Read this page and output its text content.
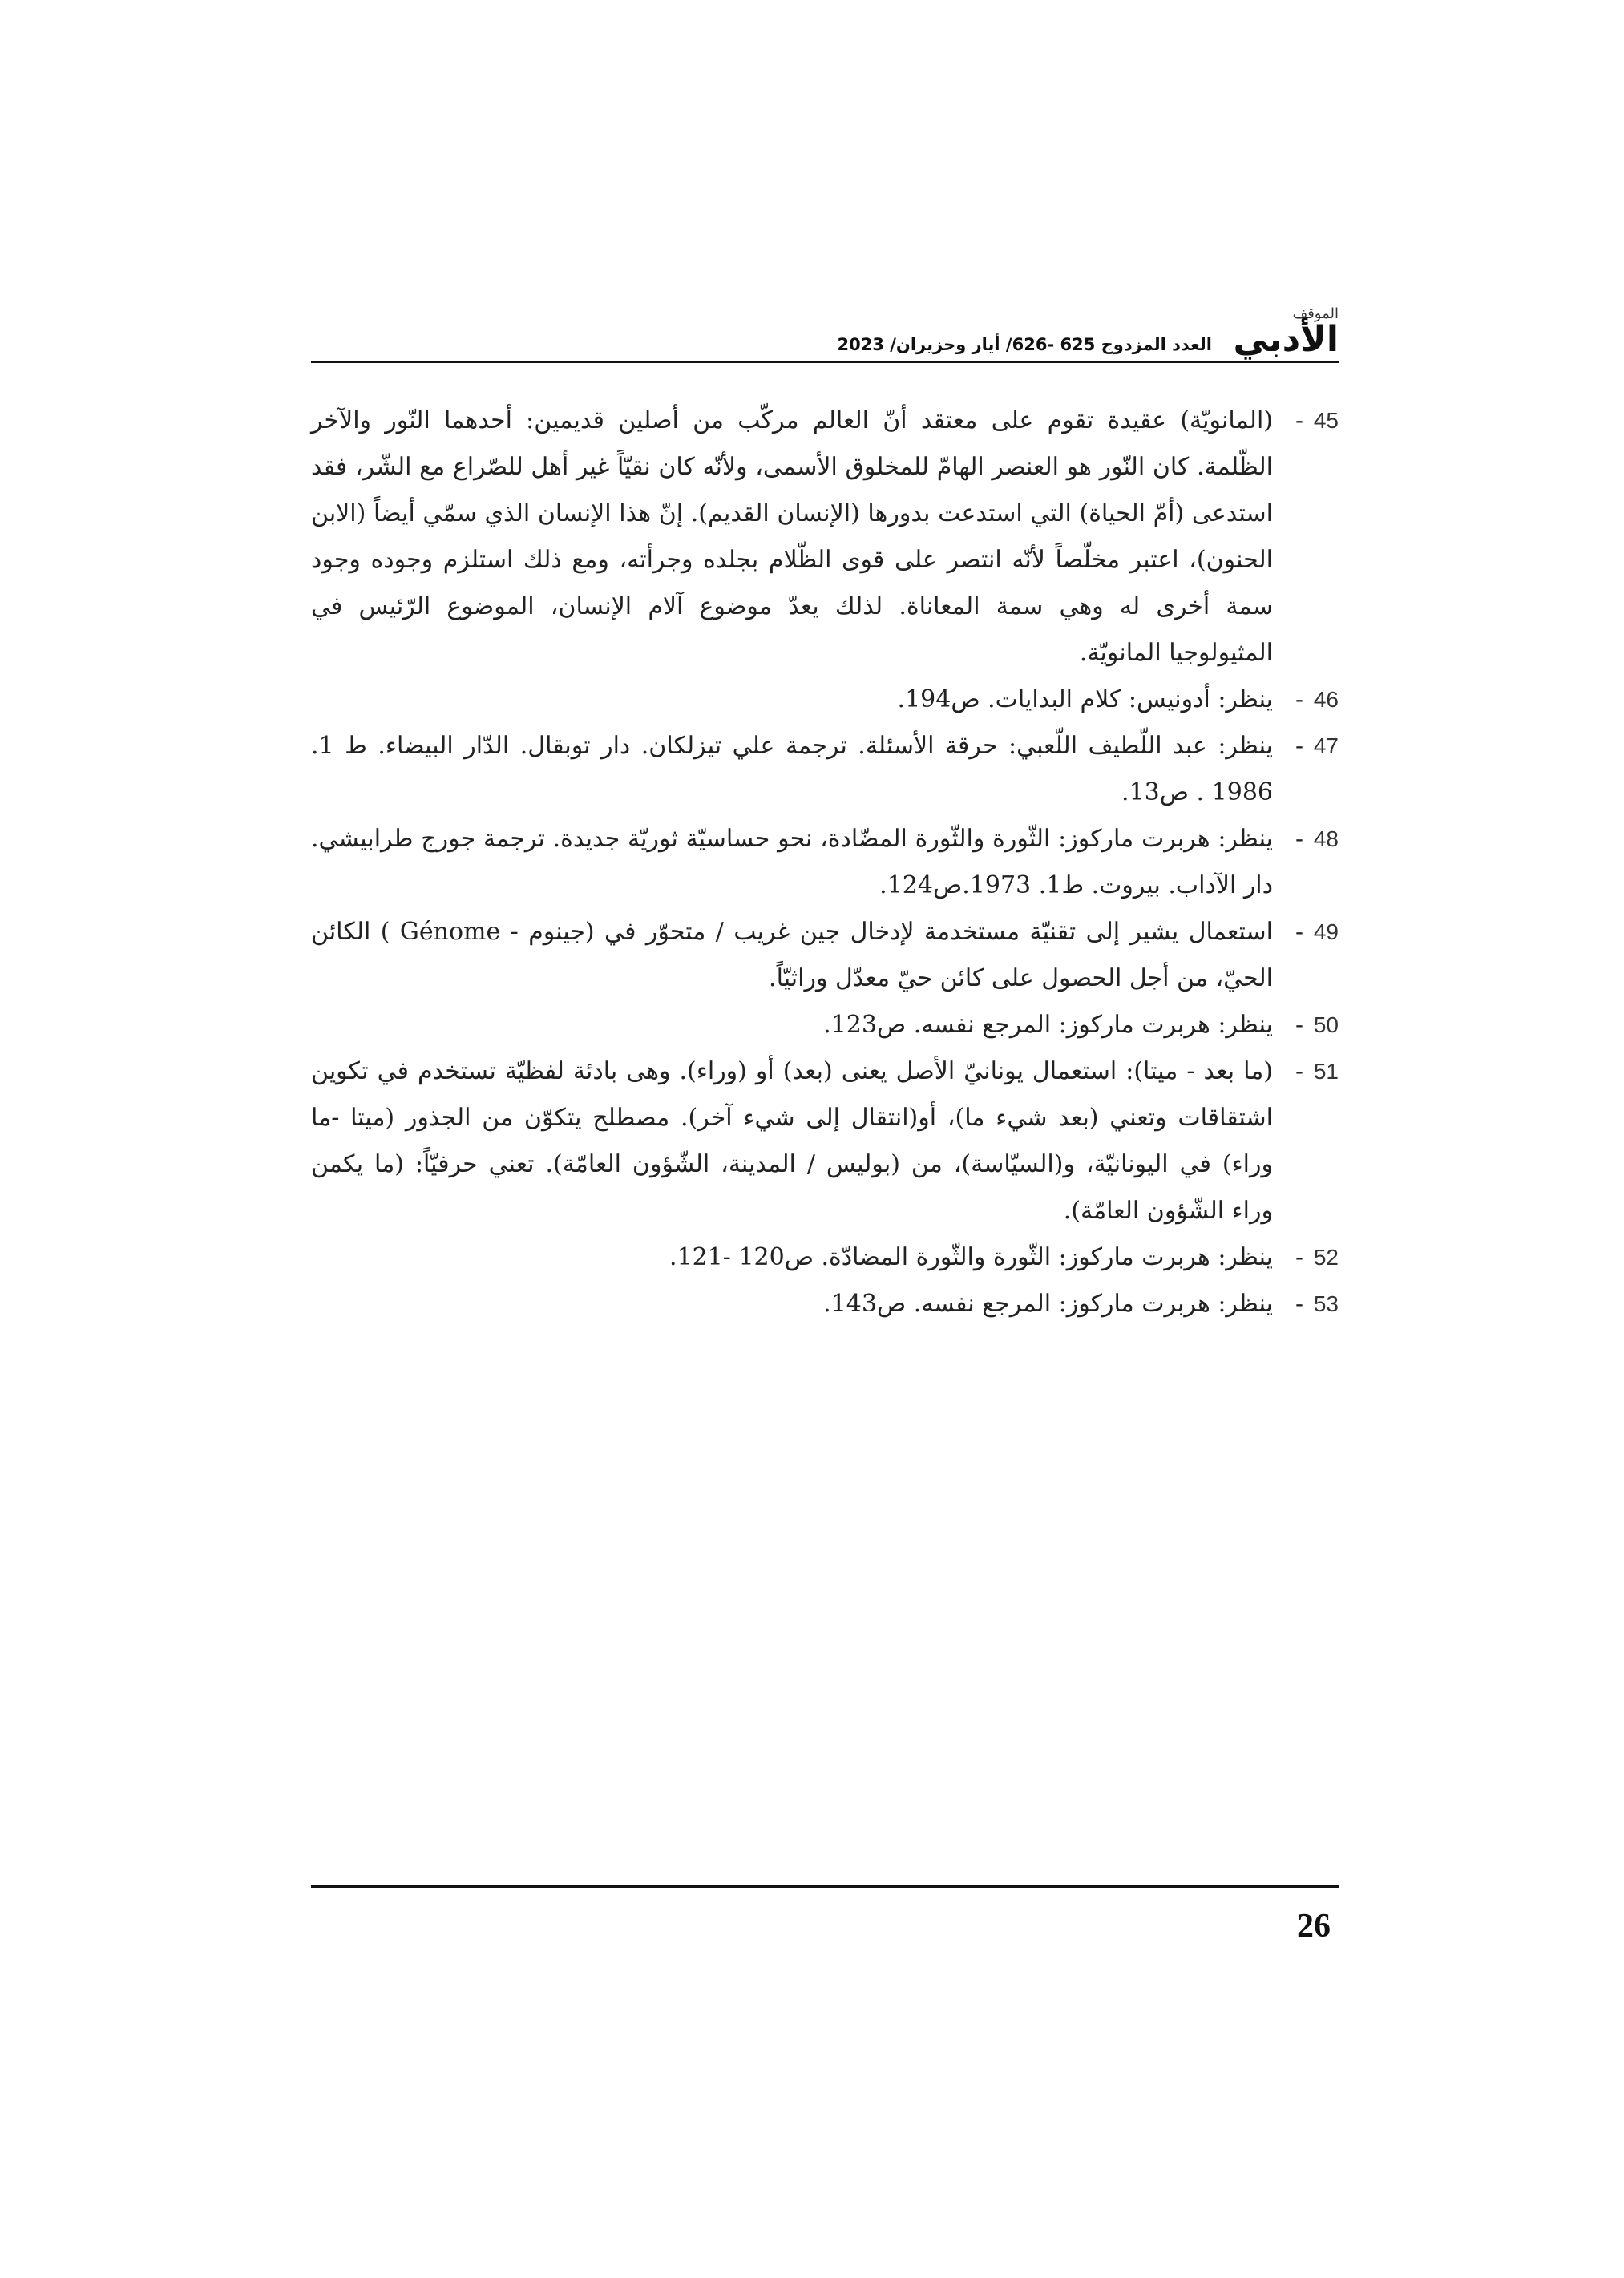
الموقف
الأدبي
العدد المزدوج 625 -626/ أيار وحزيران/ 2023
45
-
(المانويّة) عقيدة تقوم على معتقد أنّ العالم مركّب من أصلين قديمين: أحدهما النّور والآخر الظّلمة. كان النّور هو العنصر الهامّ للمخلوق الأسمى، ولأنّه كان نقيّاً غير أهل للصّراع مع الشّر، فقد استدعى (أمّ الحياة) التي استدعت بدورها (الإنسان القديم). إنّ هذا الإنسان الذي سمّي أيضاً (الابن الحنون)، اعتبر مخلّصاً لأنّه انتصر على قوى الظّلام بجلده وجرأته، ومع ذلك استلزم وجوده وجود سمة أخرى له وهي سمة المعاناة. لذلك يعدّ موضوع آلام الإنسان، الموضوع الرّئيس في المثيولوجيا المانويّة.
46
-
ينظر: أدونيس: كلام البدايات. ص194.
47
-
ينظر: عبد اللّطيف اللّعبي: حرقة الأسئلة. ترجمة علي تيزلكان. دار توبقال. الدّار البيضاء. ط 1. 1986 . ص13.
48
-
ينظر: هربرت ماركوز: الثّورة والثّورة المضّادة، نحو حساسيّة ثوريّة جديدة. ترجمة جورج طرابيشي. دار الآداب. بيروت. ط1. 1973.ص124.
49
-
استعمال يشير إلى تقنيّة مستخدمة لإدخال جين غريب / متحوّر في (جينوم - Génome ) الكائن الحيّ، من أجل الحصول على كائن حيّ معدّل وراثيّاً.
50
-
ينظر: هربرت ماركوز: المرجع نفسه. ص123.
51
-
(ما بعد - ميتا): استعمال يونانيّ الأصل يعنى (بعد) أو (وراء). وهى بادئة لفظيّة تستخدم في تكوين اشتقاقات وتعني (بعد شيء ما)، أو(انتقال إلى شيء آخر). مصطلح يتكوّن من الجذور (ميتا -ما وراء) في اليونانيّة، و(السيّاسة)، من (بوليس / المدينة، الشّؤون العامّة). تعني حرفيّاً: (ما يكمن وراء الشّؤون العامّة).
52
-
ينظر: هربرت ماركوز: الثّورة والثّورة المضادّة. ص120 -121.
53
-
ينظر: هربرت ماركوز: المرجع نفسه. ص143.
26
